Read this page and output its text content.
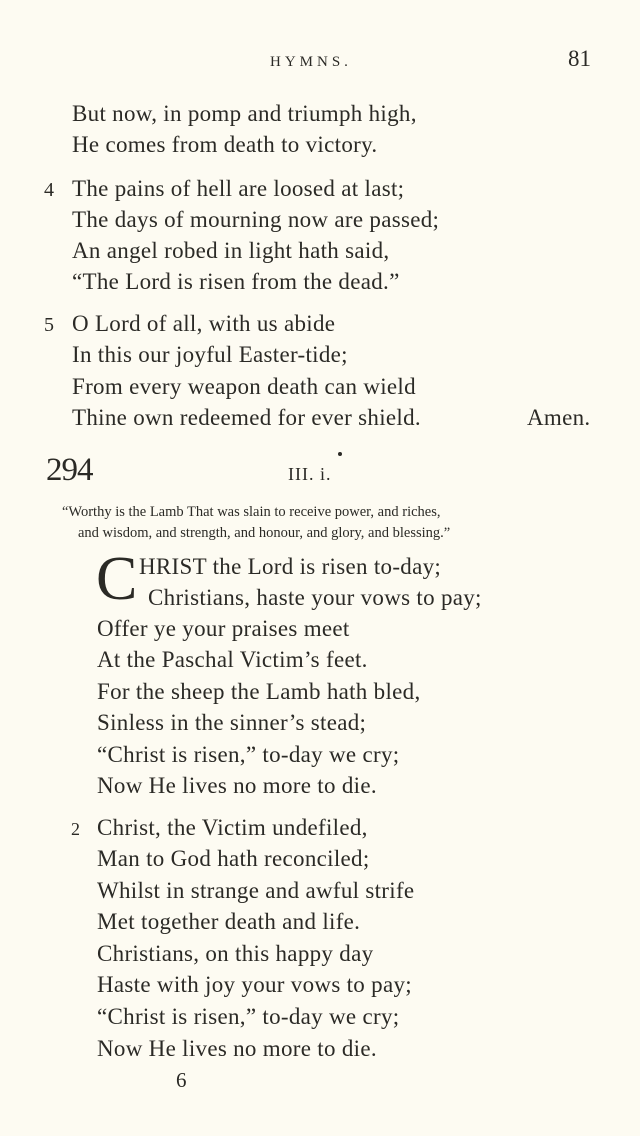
HYMNS.	81
But now, in pomp and triumph high,
He comes from death to victory.
4 The pains of hell are loosed at last;
The days of mourning now are passed;
An angel robed in light hath said,
“The Lord is risen from the dead.”
5 O Lord of all, with us abide
In this our joyful Easter-tide;
From every weapon death can wield
Thine own redeemed for ever shield.	Amen.
294	III. i.
“Worthy is the Lamb That was slain to receive power, and riches,
and wisdom, and strength, and honour, and glory, and blessing.”
C HRIST the Lord is risen to-day;
Christians, haste your vows to pay;
Offer ye your praises meet
At the Paschal Victim’s feet.
For the sheep the Lamb hath bled,
Sinless in the sinner’s stead;
“Christ is risen,” to-day we cry;
Now He lives no more to die.
2 Christ, the Victim undefiled,
Man to God hath reconciled;
Whilst in strange and awful strife
Met together death and life.
Christians, on this happy day
Haste with joy your vows to pay;
“Christ is risen,” to-day we cry;
Now He lives no more to die.
6
